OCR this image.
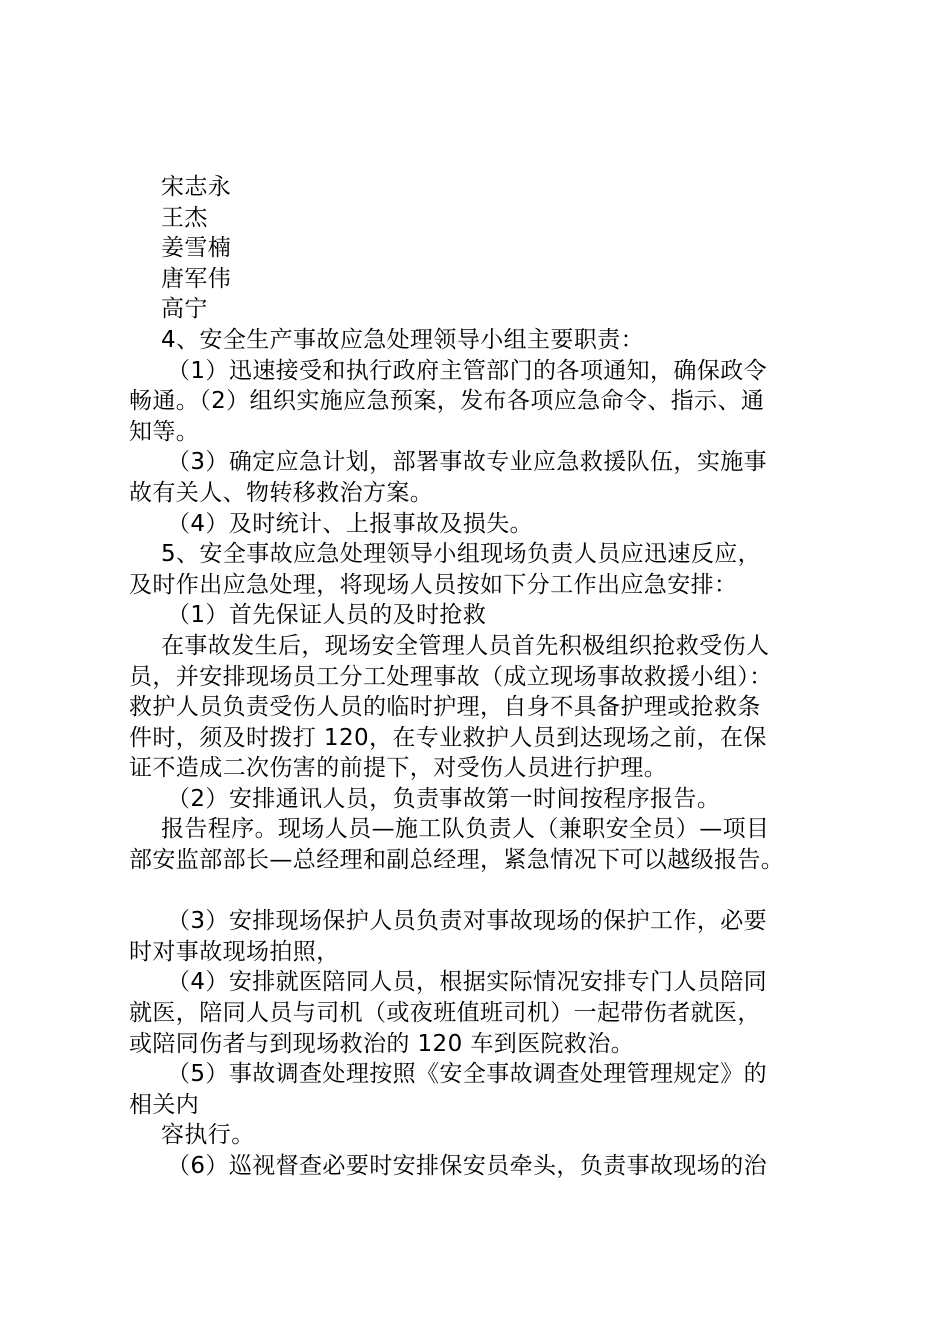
宋志永
王杰
姜雪楠
唐军伟
高宁
4、安全生产事故应急处理领导小组主要职责：
（1）迅速接受和执行政府主管部门的各项通知，确保政令
畅通。（2）组织实施应急预案，发布各项应急命令、指示、通
知等。
（3）确定应急计划，部署事故专业应急救援队伍，实施事
故有关人、物转移救治方案。
（4）及时统计、上报事故及损失。
5、安全事故应急处理领导小组现场负责人员应迅速反应，
及时作出应急处理，将现场人员按如下分工作出应急安排：
（1）首先保证人员的及时抢救
在事故发生后，现场安全管理人员首先积极组织抢救受伤人
员，并安排现场员工分工处理事故（成立现场事故救援小组）：
救护人员负责受伤人员的临时护理，自身不具备护理或抢救条
件时，须及时拨打 120，在专业救护人员到达现场之前，在保
证不造成二次伤害的前提下，对受伤人员进行护理。
（2）安排通讯人员，负责事故第一时间按程序报告。
报告程序。现场人员—施工队负责人（兼职安全员）—项目
部安监部部长—总经理和副总经理，紧急情况下可以越级报告。
（3）安排现场保护人员负责对事故现场的保护工作，必要
时对事故现场拍照，
（4）安排就医陪同人员，根据实际情况安排专门人员陪同
就医，陪同人员与司机（或夜班值班司机）一起带伤者就医，
或陪同伤者与到现场救治的 120 车到医院救治。
（5）事故调查处理按照《安全事故调查处理管理规定》的
相关内
容执行。
（6）巡视督查必要时安排保安员牵头，负责事故现场的治
